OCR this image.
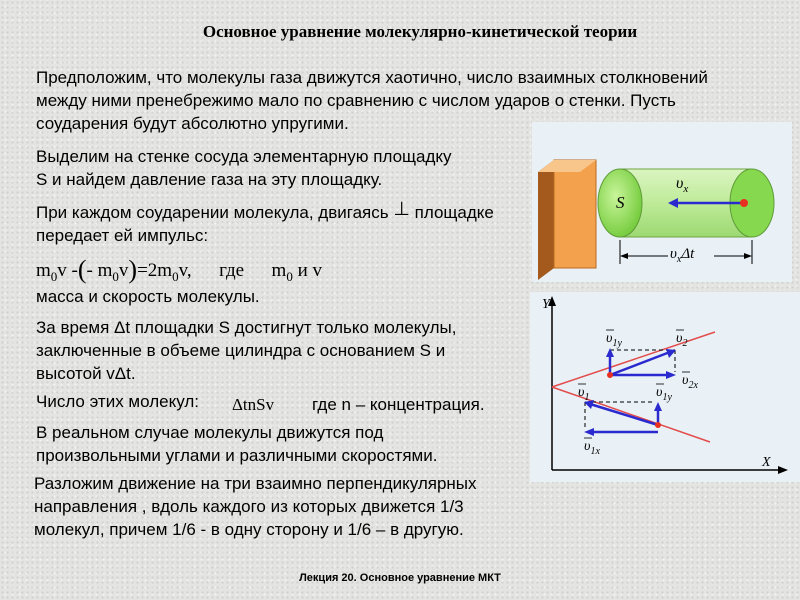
Основное уравнение молекулярно-кинетической теории
Предположим, что молекулы газа движутся хаотично, число взаимных столкновений
между ними пренебрежимо мало по сравнению с числом ударов о стенки. Пусть
соударения будут абсолютно упругими.
Выделим на стенке сосуда элементарную площадку
S и найдем давление газа на эту площадку.
При каждом соударении молекула, двигаясь ⊥ площадке
передает ей импульс:
$m_0v$ -(- $m_0v)=2m_0v$, где $m_0$ и v
масса и скорость молекулы.
За время Δt площадки S достигнут только молекулы,
заключенные в объеме цилиндра с основанием S и
высотой vΔt.
Число этих молекул: ΔtnSv где n – концентрация.
В реальном случае молекулы движутся под
произвольными углами и различными скоростями.
Разложим движение на три взаимно перпендикулярных
направления , вдоль каждого из которых движется 1/3
молекул, причем 1/6 - в одну сторону и 1/6 – в другую.
S
$\upsilon_x$
$\upsilon_x\Delta t$
Y
X
$\upsilon_{1y}$	$\upsilon_2$
$\upsilon_{2x}$
$\upsilon_1$	$\upsilon_{1y}$
$\upsilon_{1x}$
Лекция 20. Основное уравнение МКТ
